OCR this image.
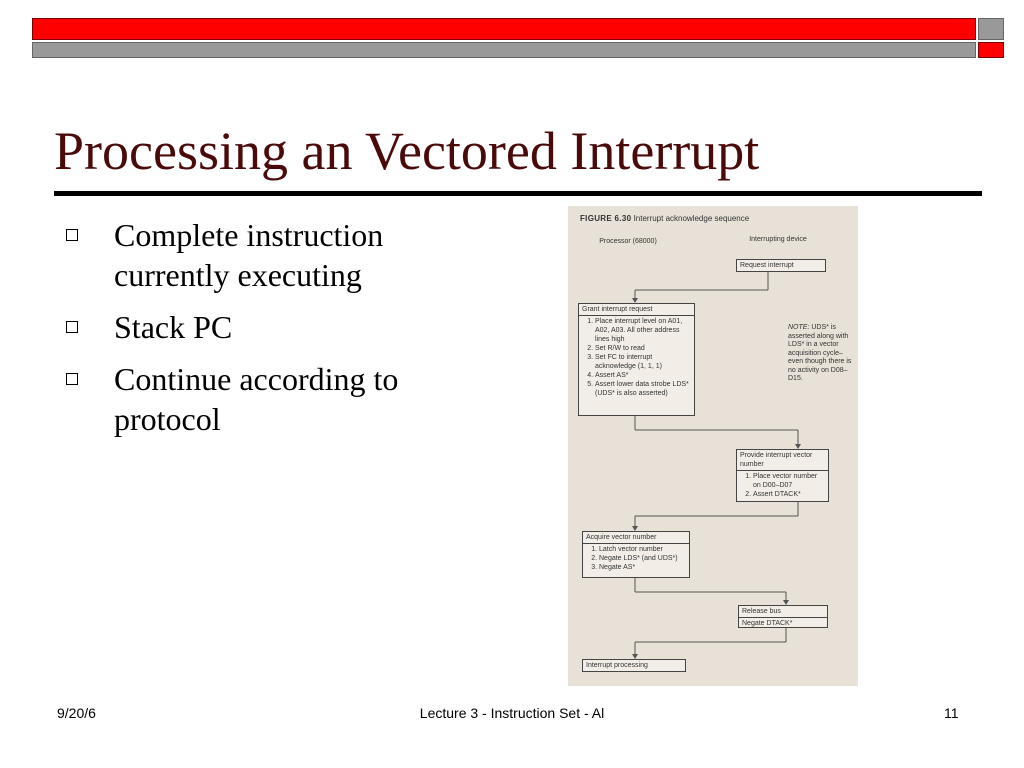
Processing an Vectored Interrupt
Complete instruction currently executing
Stack PC
Continue according to protocol
FIGURE 6.30 Interrupt acknowledge sequence
Processor (68000)	Interrupting device
Request interrupt
Grant interrupt request
1. Place interrupt level on A01, A02, A03. All other address lines high
2. Set R/W to read
3. Set FC to interrupt acknowledge (1, 1, 1)
4. Assert AS*
5. Assert lower data strobe LDS* (UDS* is also asserted)
NOTE: UDS* is asserted along with LDS* in a vector acquisition cycle–even though there is no activity on D08–D15.
Provide interrupt vector number
1. Place vector number on D00–D07
2. Assert DTACK*
Acquire vector number
1. Latch vector number
2. Negate LDS* (and UDS*)
3. Negate AS*
Release bus
Negate DTACK*
Interrupt processing
9/20/6	Lecture 3 - Instruction Set - Al	11
